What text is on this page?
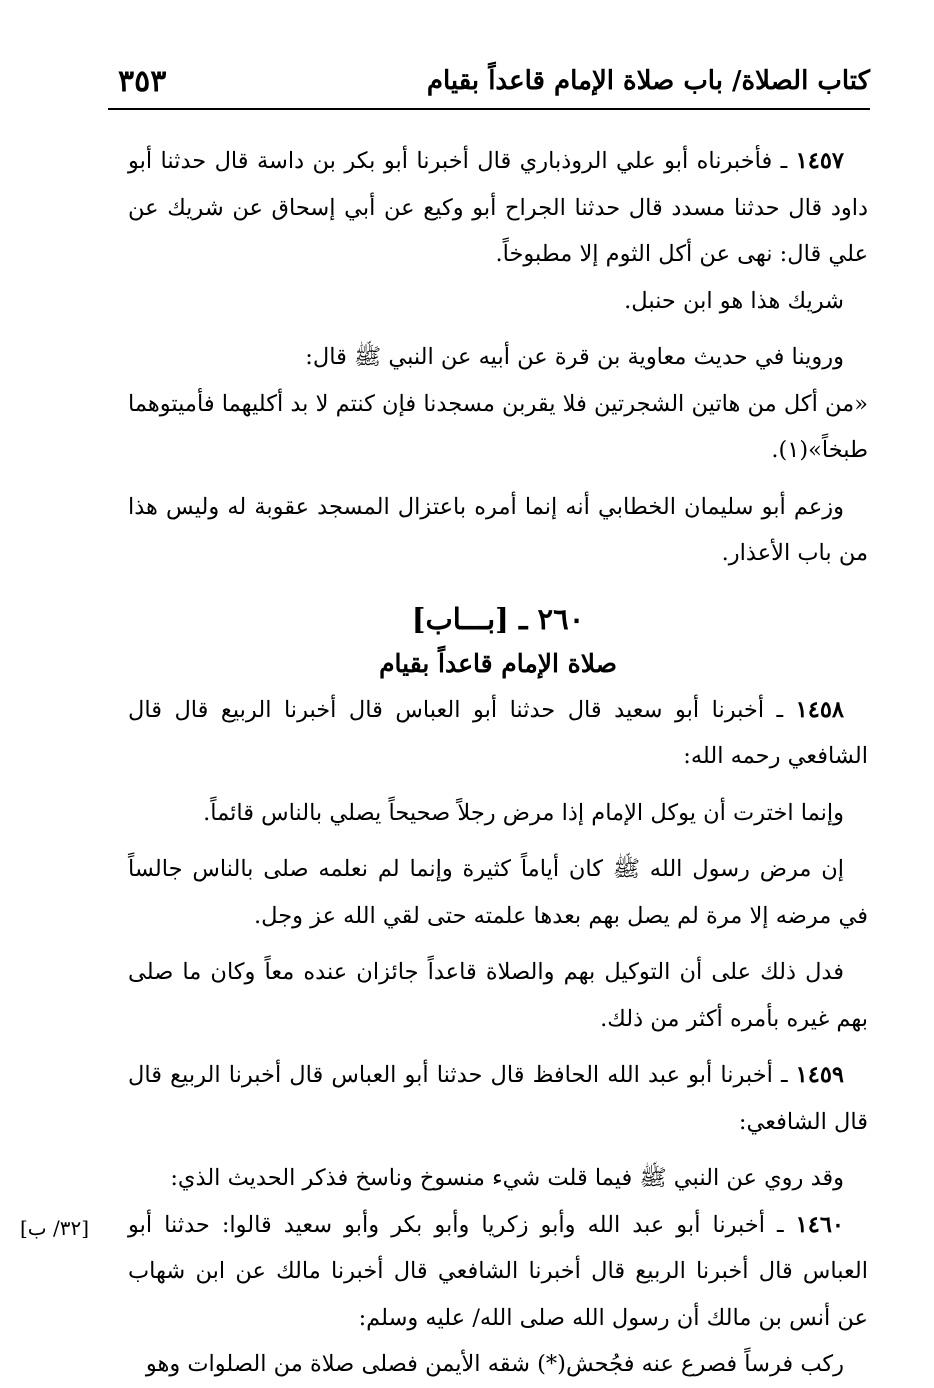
كتاب الصلاة/ باب صلاة الإمام قاعداً بقيام
٣٥٣

١٤٥٧ ـ فأخبرناه أبو علي الروذباري قال أخبرنا أبو بكر بن داسة قال حدثنا أبو داود قال حدثنا مسدد قال حدثنا الجراح أبو وكيع عن أبي إسحاق عن شريك عن علي قال: نهى عن أكل الثوم إلا مطبوخاً.

شريك هذا هو ابن حنبل.

وروينا في حديث معاوية بن قرة عن أبيه عن النبي ﷺ قال:

«من أكل من هاتين الشجرتين فلا يقربن مسجدنا فإن كنتم لا بد أكليهما فأميتوهما طبخاً»(١).

وزعم أبو سليمان الخطابي أنه إنما أمره باعتزال المسجد عقوبة له وليس هذا من باب الأعذار.

٢٦٠ ـ [بـــاب]
صلاة الإمام قاعداً بقيام

١٤٥٨ ـ أخبرنا أبو سعيد قال حدثنا أبو العباس قال أخبرنا الربيع قال قال الشافعي رحمه الله:

وإنما اخترت أن يوكل الإمام إذا مرض رجلاً صحيحاً يصلي بالناس قائماً.

إن مرض رسول الله ﷺ كان أياماً كثيرة وإنما لم نعلمه صلى بالناس جالساً في مرضه إلا مرة لم يصل بهم بعدها علمته حتى لقي الله عز وجل.

فدل ذلك على أن التوكيل بهم والصلاة قاعداً جائزان عنده معاً وكان ما صلى بهم غيره بأمره أكثر من ذلك.

١٤٥٩ ـ أخبرنا أبو عبد الله الحافظ قال حدثنا أبو العباس قال أخبرنا الربيع قال قال الشافعي:

وقد روي عن النبي ﷺ فيما قلت شيء منسوخ وناسخ فذكر الحديث الذي:

١٤٦٠ ـ أخبرنا أبو عبد الله وأبو زكريا وأبو بكر وأبو سعيد قالوا: حدثنا أبو العباس قال أخبرنا الربيع قال أخبرنا الشافعي قال أخبرنا مالك عن ابن شهاب عن أنس بن مالك أن رسول الله صلى الله/ عليه وسلم:

ركب فرساً فصرع عنه فجُحش(*) شقه الأيمن فصلى صلاة من الصلوات وهو

[٣٢/ ب]
